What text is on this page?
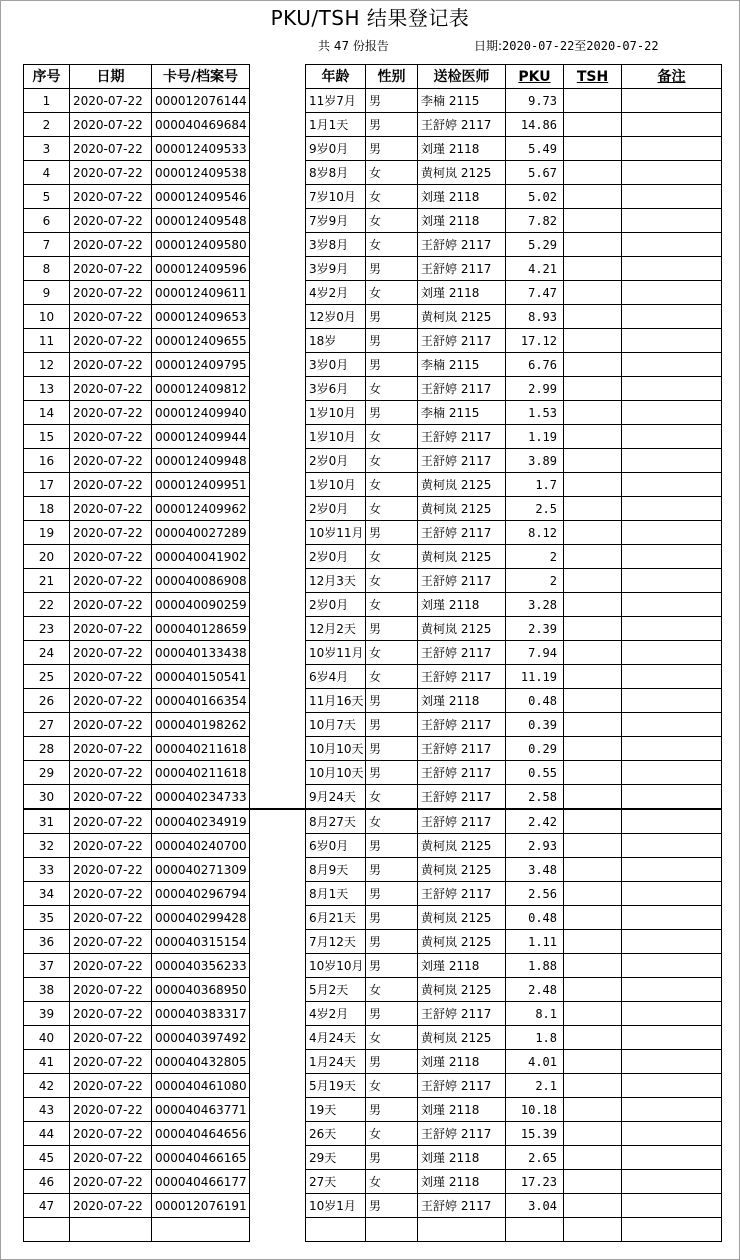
PKU/TSH 结果登记表
共 47 份报告	日期:2020-07-22至2020-07-22
序号	日期	卡号/档案号		年龄	性别	送检医师	PKU	TSH	备注
1	2020-07-22	000012076144		11岁7月	男	李楠 2115	9.73		
2	2020-07-22	000040469684		1月1天	男	王舒婷 2117	14.86		
3	2020-07-22	000012409533		9岁0月	男	刘瑾 2118	5.49		
4	2020-07-22	000012409538		8岁8月	女	黄柯岚 2125	5.67		
5	2020-07-22	000012409546		7岁10月	女	刘瑾 2118	5.02		
6	2020-07-22	000012409548		7岁9月	女	刘瑾 2118	7.82		
7	2020-07-22	000012409580		3岁8月	女	王舒婷 2117	5.29		
8	2020-07-22	000012409596		3岁9月	男	王舒婷 2117	4.21		
9	2020-07-22	000012409611		4岁2月	女	刘瑾 2118	7.47		
10	2020-07-22	000012409653		12岁0月	男	黄柯岚 2125	8.93		
11	2020-07-22	000012409655		18岁	男	王舒婷 2117	17.12		
12	2020-07-22	000012409795		3岁0月	男	李楠 2115	6.76		
13	2020-07-22	000012409812		3岁6月	女	王舒婷 2117	2.99		
14	2020-07-22	000012409940		1岁10月	男	李楠 2115	1.53		
15	2020-07-22	000012409944		1岁10月	女	王舒婷 2117	1.19		
16	2020-07-22	000012409948		2岁0月	女	王舒婷 2117	3.89		
17	2020-07-22	000012409951		1岁10月	女	黄柯岚 2125	1.7		
18	2020-07-22	000012409962		2岁0月	女	黄柯岚 2125	2.5		
19	2020-07-22	000040027289		10岁11月	男	王舒婷 2117	8.12		
20	2020-07-22	000040041902		2岁0月	女	黄柯岚 2125	2		
21	2020-07-22	000040086908		12月3天	女	王舒婷 2117	2		
22	2020-07-22	000040090259		2岁0月	女	刘瑾 2118	3.28		
23	2020-07-22	000040128659		12月2天	男	黄柯岚 2125	2.39		
24	2020-07-22	000040133438		10岁11月	女	王舒婷 2117	7.94		
25	2020-07-22	000040150541		6岁4月	女	王舒婷 2117	11.19		
26	2020-07-22	000040166354		11月16天	男	刘瑾 2118	0.48		
27	2020-07-22	000040198262		10月7天	男	王舒婷 2117	0.39		
28	2020-07-22	000040211618		10月10天	男	王舒婷 2117	0.29		
29	2020-07-22	000040211618		10月10天	男	王舒婷 2117	0.55		
30	2020-07-22	000040234733		9月24天	女	王舒婷 2117	2.58		
31	2020-07-22	000040234919		8月27天	女	王舒婷 2117	2.42		
32	2020-07-22	000040240700		6岁0月	男	黄柯岚 2125	2.93		
33	2020-07-22	000040271309		8月9天	男	黄柯岚 2125	3.48		
34	2020-07-22	000040296794		8月1天	男	王舒婷 2117	2.56		
35	2020-07-22	000040299428		6月21天	男	黄柯岚 2125	0.48		
36	2020-07-22	000040315154		7月12天	男	黄柯岚 2125	1.11		
37	2020-07-22	000040356233		10岁10月	男	刘瑾 2118	1.88		
38	2020-07-22	000040368950		5月2天	女	黄柯岚 2125	2.48		
39	2020-07-22	000040383317		4岁2月	男	王舒婷 2117	8.1		
40	2020-07-22	000040397492		4月24天	女	黄柯岚 2125	1.8		
41	2020-07-22	000040432805		1月24天	男	刘瑾 2118	4.01		
42	2020-07-22	000040461080		5月19天	女	王舒婷 2117	2.1		
43	2020-07-22	000040463771		19天	男	刘瑾 2118	10.18		
44	2020-07-22	000040464656		26天	女	王舒婷 2117	15.39		
45	2020-07-22	000040466165		29天	男	刘瑾 2118	2.65		
46	2020-07-22	000040466177		27天	女	刘瑾 2118	17.23		
47	2020-07-22	000012076191		10岁1月	男	王舒婷 2117	3.04		
